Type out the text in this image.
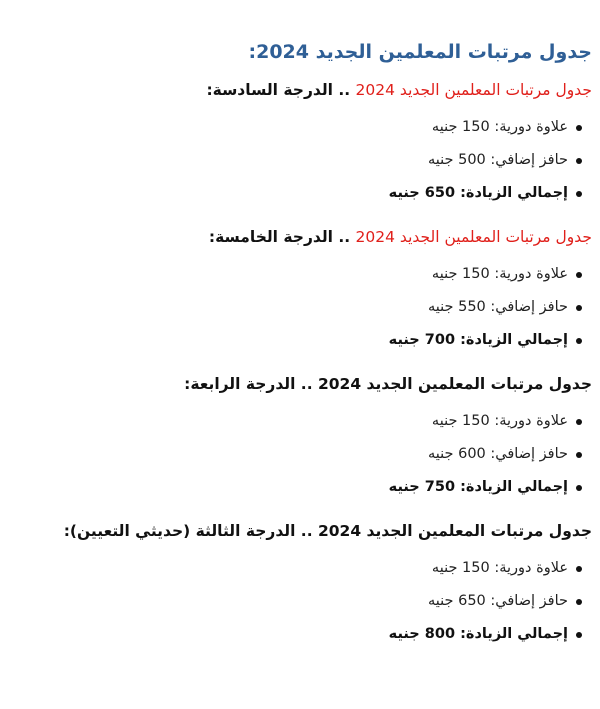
جدول مرتبات المعلمين الجديد 2024:

جدول مرتبات المعلمين الجديد 2024 .. الدرجة السادسة:

علاوة دورية: 150 جنيه
حافز إضافي: 500 جنيه
إجمالي الزيادة: 650 جنيه

جدول مرتبات المعلمين الجديد 2024 .. الدرجة الخامسة:

علاوة دورية: 150 جنيه
حافز إضافي: 550 جنيه
إجمالي الزيادة: 700 جنيه

جدول مرتبات المعلمين الجديد 2024 .. الدرجة الرابعة:

علاوة دورية: 150 جنيه
حافز إضافي: 600 جنيه
إجمالي الزيادة: 750 جنيه

جدول مرتبات المعلمين الجديد 2024 .. الدرجة الثالثة (حديثي التعيين):

علاوة دورية: 150 جنيه
حافز إضافي: 650 جنيه
إجمالي الزيادة: 800 جنيه
